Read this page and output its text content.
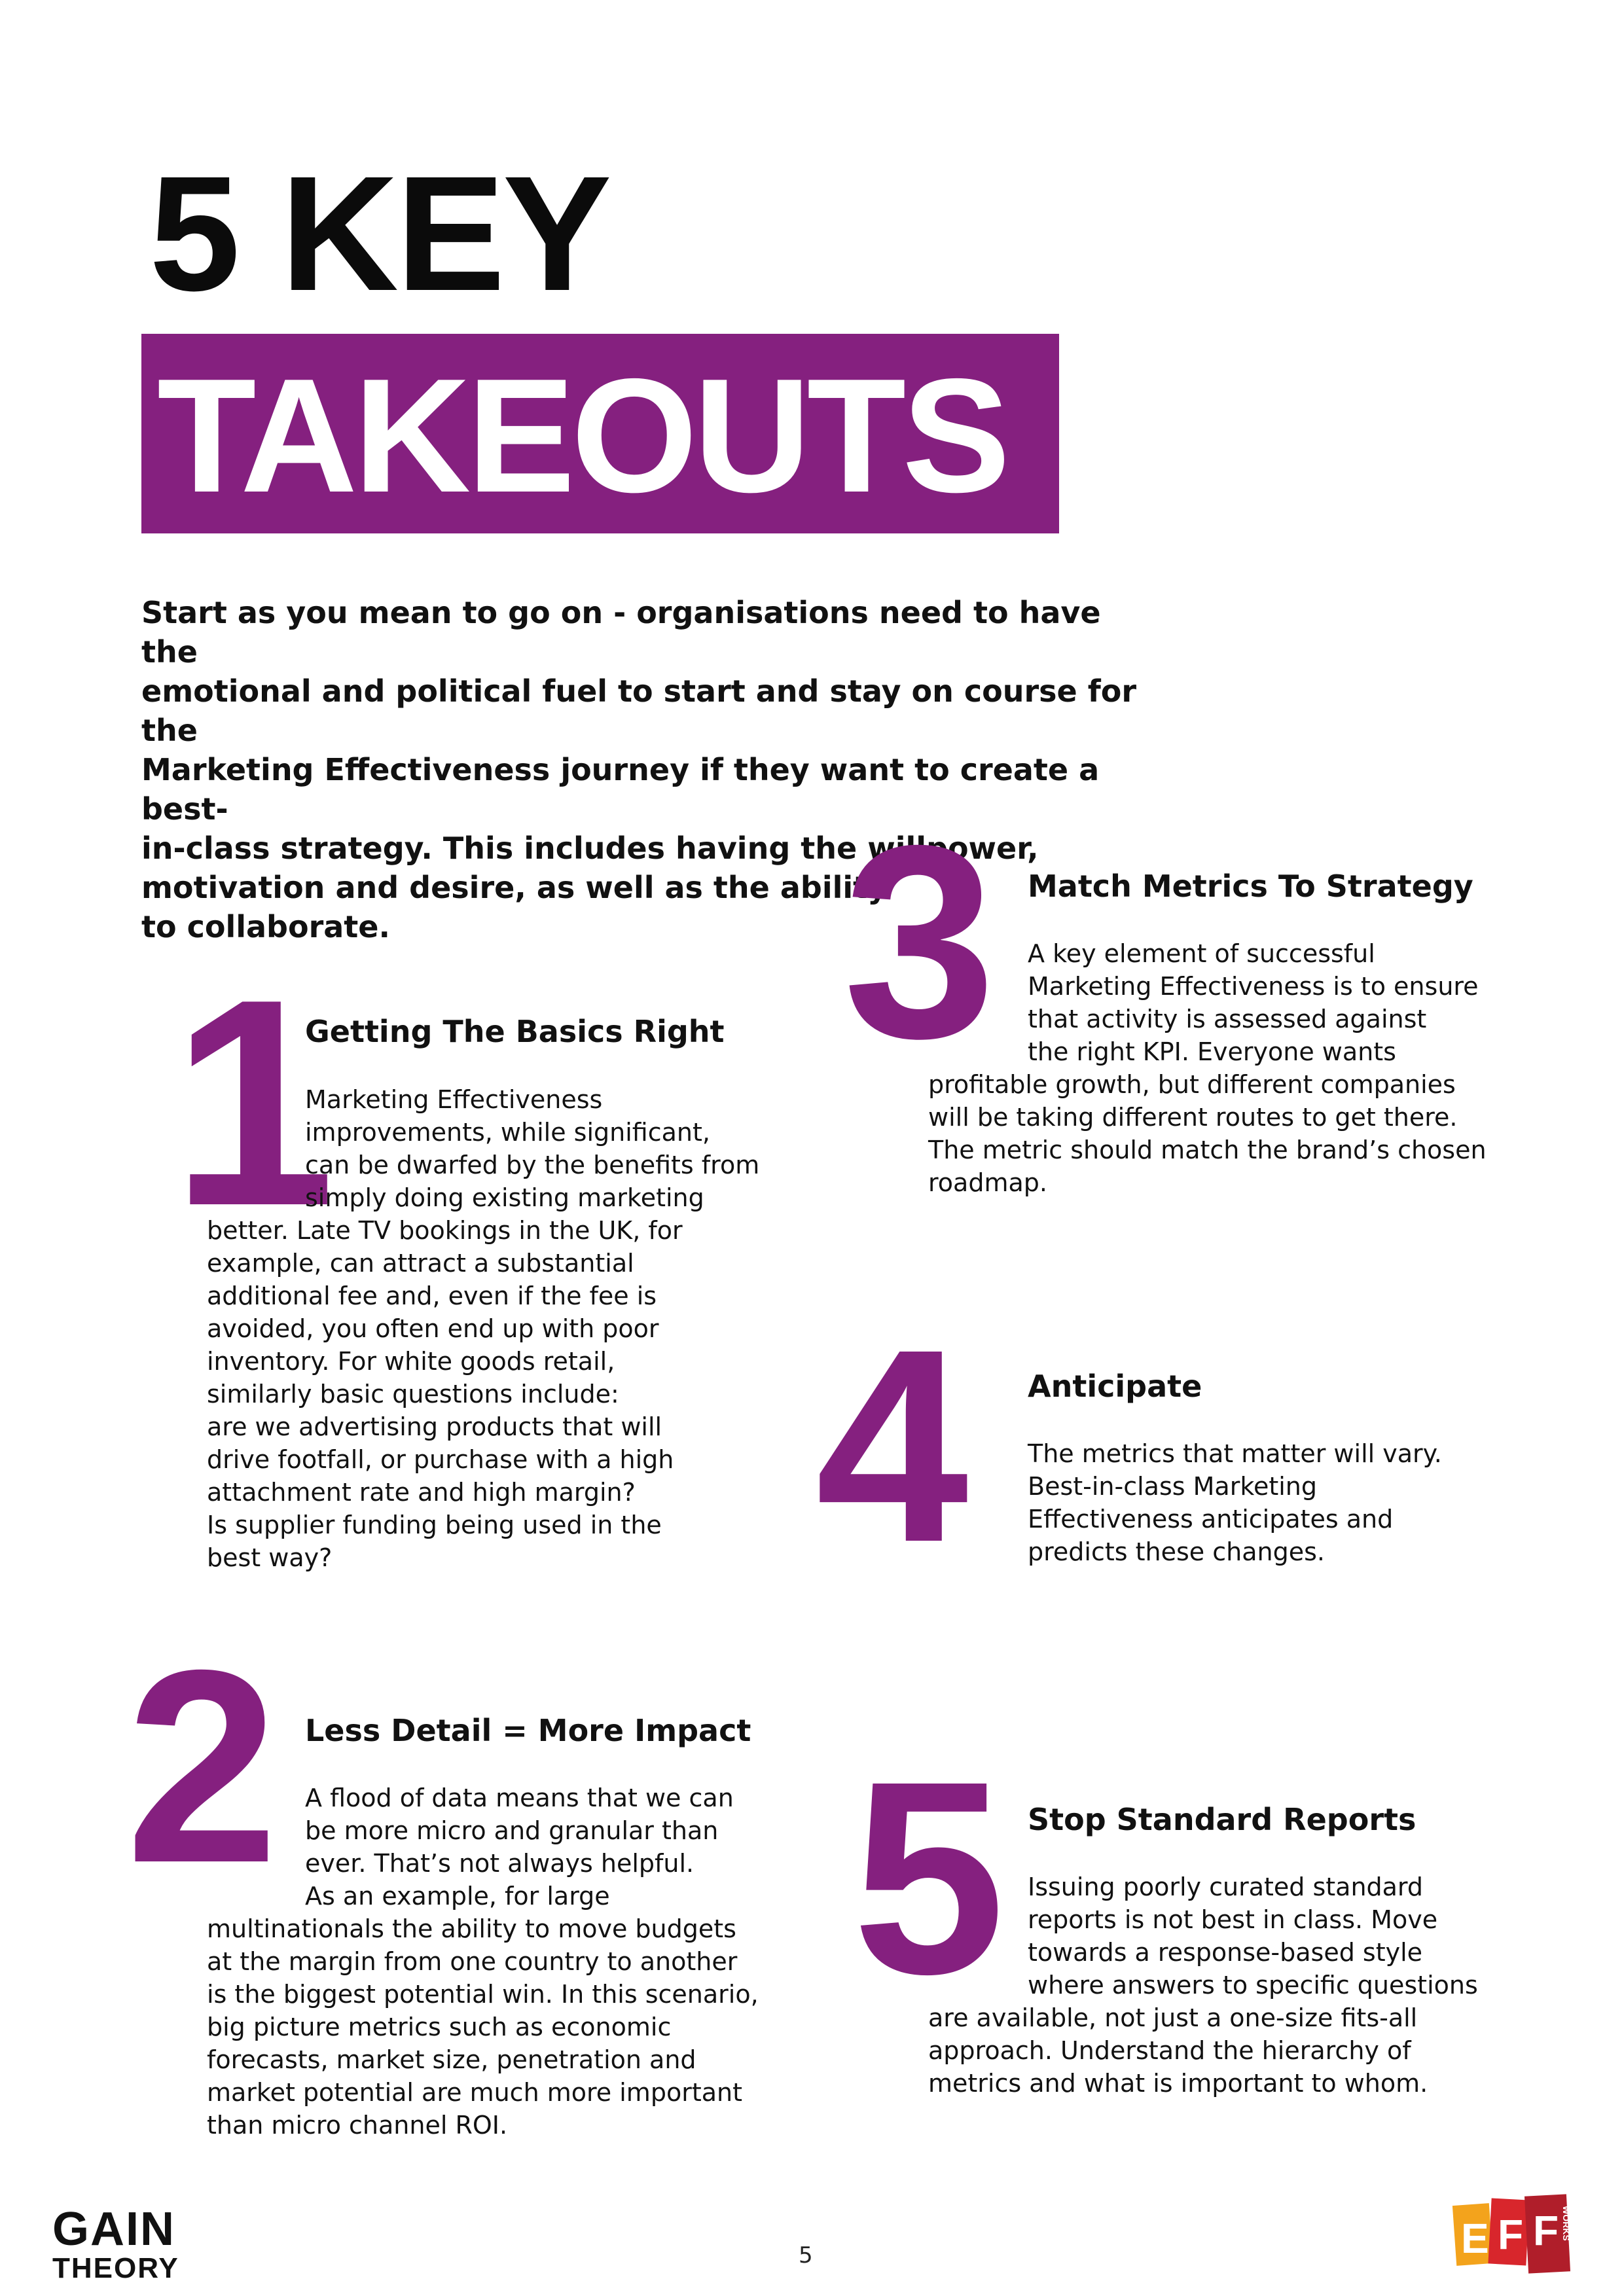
5 KEY
TAKEOUTS
Start as you mean to go on - organisations need to have the
emotional and political fuel to start and stay on course for the
Marketing Effectiveness journey if they want to create a best-
in-class strategy. This includes having the willpower,
motivation and desire, as well as the ability
to collaborate.
1
Getting The Basics Right

Marketing Effectiveness

improvements, while significant,

can be dwarfed by the benefits from

simply doing existing marketing

better. Late TV bookings in the UK, for

example, can attract a substantial

additional fee and, even if the fee is

avoided, you often end up with poor

inventory. For white goods retail,

similarly basic questions include:

are we advertising products that will

drive footfall, or purchase with a high

attachment rate and high margin?

Is supplier funding being used in the

best way?

2 Less Detail = More Impact

A flood of data means that we can

be more micro and granular than

ever. That’s not always helpful.

As an example, for large

multinationals the ability to move budgets

at the margin from one country to another

is the biggest potential win. In this scenario,

big picture metrics such as economic

forecasts, market size, penetration and

market potential are much more important

than micro channel ROI.

3 Match Metrics To Strategy

A key element of successful

Marketing Effectiveness is to ensure

that activity is assessed against

the right KPI. Everyone wants

profitable growth, but different companies

will be taking different routes to get there.

The metric should match the brand’s chosen

roadmap.

4 Anticipate

The metrics that matter will vary.

Best-in-class Marketing

Effectiveness anticipates and

predicts these changes.

5 Stop Standard Reports

Issuing poorly curated standard

reports is not best in class. Move

towards a response-based style

where answers to specific questions

are available, not just a one-size fits-all

approach. Understand the hierarchy of

metrics and what is important to whom.

GAIN
THEORY	5	E F F WORKS
